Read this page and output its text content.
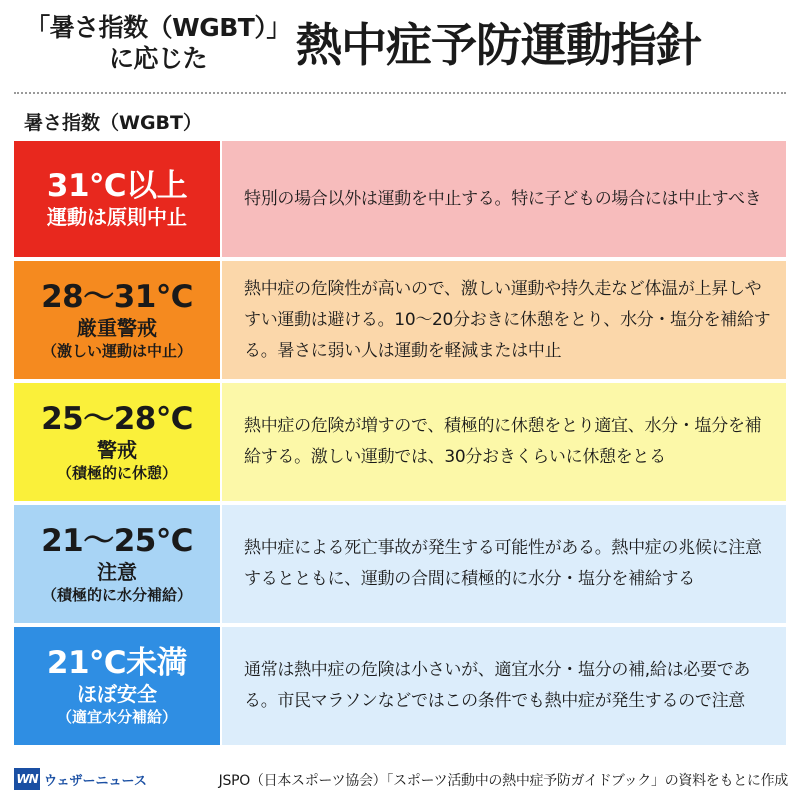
「暑さ指数（WGBT）」
に応じた	熱中症予防運動指針
暑さ指数（WGBT）
31℃以上
運動は原則中止
特別の場合以外は運動を中止する。特に子どもの場合には中止すべき
28〜31℃
厳重警戒
（激しい運動は中止）
熱中症の危険性が高いので、激しい運動や持久走など体温が上昇しやすい運動は避ける。10〜20分おきに休憩をとり、水分・塩分を補給する。暑さに弱い人は運動を軽減または中止
25〜28℃
警戒
（積極的に休憩）
熱中症の危険が増すので、積極的に休憩をとり適宜、水分・塩分を補給する。激しい運動では、30分おきくらいに休憩をとる
21〜25℃
注意
（積極的に水分補給）
熱中症による死亡事故が発生する可能性がある。熱中症の兆候に注意するとともに、運動の合間に積極的に水分・塩分を補給する
21℃未満
ほぼ安全
（適宜水分補給）
通常は熱中症の危険は小さいが、適宜水分・塩分の補,給は必要である。市民マラソンなどではこの条件でも熱中症が発生するので注意
WN ウェザーニュース	JSPO（日本スポーツ協会）「スポーツ活動中の熱中症予防ガイドブック」の資料をもとに作成
